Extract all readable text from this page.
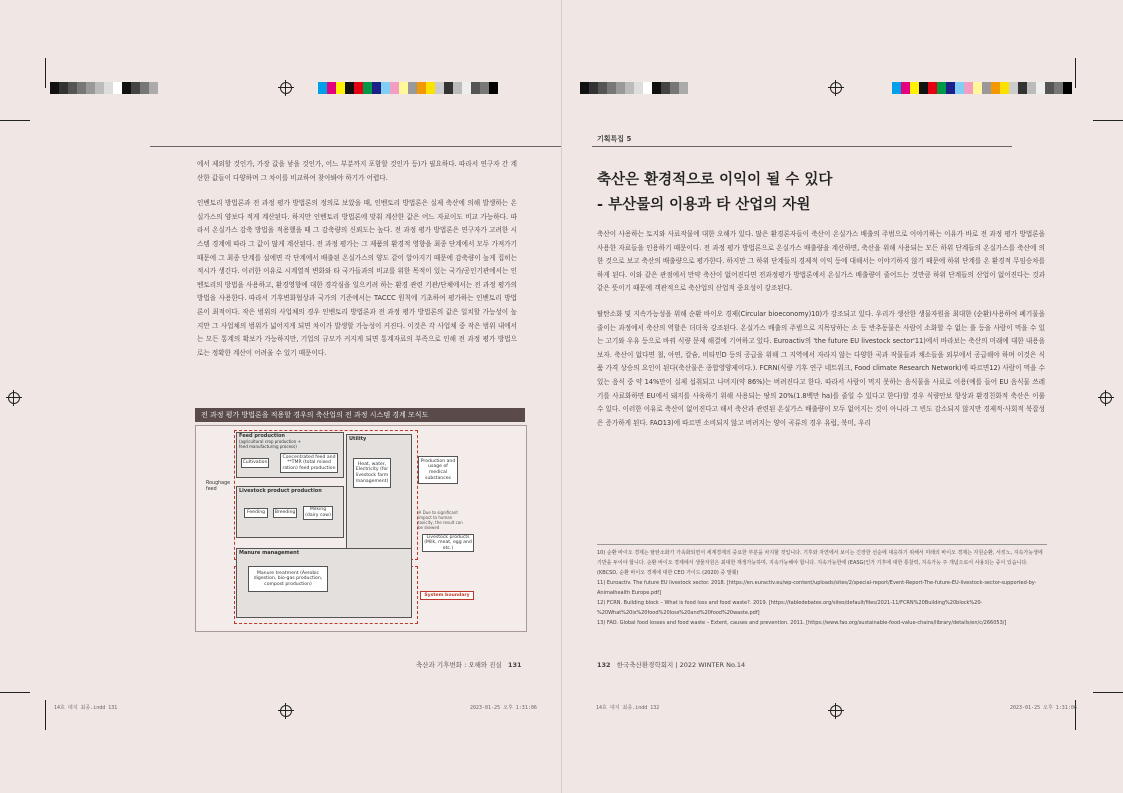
에서 제외할 것인가, 가장 값을 낳을 것인가, 어느 부분까지 포함할 것인가 등)가 필요하다. 따라서 연구자 간 계산한 값들이 다양하며 그 차이를 비교하여 찾아봐야 하기가 어렵다.

인벤토리 방법론과 전 과정 평가 방법론의 정의로 보았을 때, 인벤토리 방법론은 실제 축산에 의해 발생하는 온실가스의 양보다 적게 계산된다. 하지만 인벤토리 방법론에 맞춰 계산한 값은 어느 자료이도 비교 가능하다. 따라서 온실가스 감축 방법을 적용했을 때 그 감축량의 신뢰도는 높다. 전 과정 평가 방법론은 연구자가 고려한 시스템 경계에 따라 그 값이 많게 계산된다. 전 과정 평가는 그 제품의 환경적 영향을 최종 단계에서 모두 가져가기 때문에 그 최종 단계를 설에면 각 단계에서 배출된 온실가스의 양도 같이 알아지기 때문에 감축량이 높게 집히는 적시가 생긴다. 이러한 이유로 시계열적 변화와 타 국가들과의 비교를 위한 목적이 있는 국가/공인기관에서는 인벤토리의 방법을 사용하고, 환경영향에 대한 경각심을 일으키려 하는 환경 관련 기관/단체에서는 전 과정 평가의 방법을 사용한다. 따라서 기후변화협상과 국가의 기준에서는 TACCC 원칙에 기초하여 평가하는 인벤토리 방법론이 최적이다. 작은 범위의 사업체의 경우 인벤토리 방법론과 전 과정 평가 방법론의 값은 일치할 가능성이 높지만 그 사업체의 범위가 넓어지게 되면 차이가 발생할 가능성이 커진다. 이것은 각 사업체 중 작은 범위 내에서는 모든 통계의 확보가 가능하지만, 기업의 규모가 커지게 되면 통계자료의 부족으로 인해 전 과정 평가 방법으로는 정확한 계산이 어려울 수 있기 때문이다.

전 과정 평가 방법론을 적용할 경우의 축산업의 전 과정 시스템 경계 모식도
Feed production
(agricultural crop production + feed manufacturing process)
Cultivation
Concentrated feed and **TMR (total mixed ration) feed production
Roughage feed	Livestock product production
Feeding	Breeding
Milking (dairy cow)
Utility
Heat, water, Electricity (for livestock farm management)
Production and usage of medical substances
※ Due to significant impact to human toxicity, the result can be skewed
Manure management
Manure treatment (Aerobic digestion, bio-gas production, compost production)
Livestock products (Milk, meat, egg and etc.)
System boundary
축산과 기후변화 : 오해와 진실 131
14호 대지 최종.indd 131	2023-01-25 오후 1:31:06
기획특집 5
축산은 환경적으로 이익이 될 수 있다
- 부산물의 이용과 타 산업의 자원

축산이 사용하는 토지와 사료작물에 대한 오해가 있다. 많은 환경론자들이 축산이 온실가스 배출의 주범으로 이야기하는 이유가 바로 전 과정 평가 방법론을 사용한 자료들을 인용하기 때문이다. 전 과정 평가 방법론으로 온실가스 배출량을 계산하면, 축산을 위해 사용되는 모든 하위 단계들의 온실가스를 축산에 의한 것으로 보고 축산의 배출량으로 평가한다. 하지만 그 하위 단계들의 경제적 이익 등에 대해서는 이야기하지 않기 때문에 하위 단계를 온 환경적 무임승차를 하게 된다. 이와 같은 관점에서 만약 축산이 없어진다면 전과정평가 방법론에서 온실가스 배출량이 줄어드는 것만큼 하위 단계들의 산업이 없어진다는 것과 같은 뜻이기 때문에 객관적으로 축산업의 산업적 중요성이 강조된다.

탈탄소화 및 지속가능성을 위해 순환 바이오 경제(Circular bioeconomy)10)가 강조되고 있다. 우리가 생산한 생물자원을 최대한 (순환)사용하여 폐기물을 줄이는 과정에서 축산의 역할은 더더욱 강조된다. 온실가스 배출의 주범으로 지목당하는 소 등 반추동물은 사람이 소화할 수 없는 풀 등을 사람이 먹을 수 있는 고기와 우유 등으로 바꿔 식량 문제 해결에 기여하고 있다. Euroactiv의 'the future EU livestock sector'11)에서 바라보는 축산의 미래에 대한 내용을 보자. 축산이 없다면 철, 아연, 칼슘, 비타민D 등의 공급을 위해 그 지역에서 자라지 않는 다양한 곡과 작물들과 채소들을 외부에서 공급해야 하며 이것은 식품 가격 상승의 요인이 된다(축산물은 종합영양제이다.). FCRN(식량 기후 연구 네트워크, Food climate Research Network)에 따르면12) 사람이 먹을 수 있는 음식 중 약 14%만이 실제 섭취되고 나머지(약 86%)는 버려진다고 한다. 따라서 사람이 먹지 못하는 음식물을 사료로 이용(예를 들어 EU 음식물 쓰레기를 사료화하면 EU에서 돼지를 사육하기 위해 사용되는 땅의 20%(1.8백만 ha)를 줄일 수 있다고 한다)할 경우 식량안보 향상과 환경친화적 축산은 이룰 수 있다. 이러한 이유로 축산이 없어진다고 해서 축산과 관련된 온실가스 배출량이 모두 없어지는 것이 아니라 그 빈도 감소되지 않지만 경제적·사회적 북잡성은 증가하게 된다. FAO13)에 따르면 소비되지 않고 버려지는 양이 곡류의 경우 유럽, 북미, 우리

10) 순환 바이오 경제는 탈탄소화가 가속화되면서 세계경제의 중요한 부분을 차지할 것입니다. 기후와 자연에서 보이는 긴장한 선순에 대응하기 위해서 미래의 바이오 경제는 자원순환, 서킷노, 지속가능생에 기반을 두어야 합니다. 순환 바이오 경제에서 생물자원은 최대한 재생가능하며, 지속가능해야 합니다. 지속가능한에 (EASG(인가 기후에 대한 통찰력, 지속가능 주 개념으로서 사용되는 중이 있습니다.
(KBCSD, 순환 바이오 경제에 대한 CEO 가이드 (2020) 중 발췌)
11) Euroactiv. The future EU livestock sector. 2018. [https://en.euractiv.eu/wp-content/uploads/sites/2/special-report/Event-Report-The-future-EU-livestock-sector-supported-by-Animalhealth Europe.pdf]
12) FCRN. Building block – What is food loss and food waste?. 2019. [https://tabledebates.org/sites/default/files/2021-11/FCRN%20Building%20block%20-%20What%20is%20food%20loss%20and%20food%20waste.pdf]
13) FAO. Global food losses and food waste – Extent, causes and prevention. 2011. [https://www.fao.org/sustainable-food-value-chains/library/details/en/c/266053/]
132 한국축산환경학회지 | 2022 WINTER No.14
14호 대지 최종.indd 132	2023-01-25 오후 1:31:06
